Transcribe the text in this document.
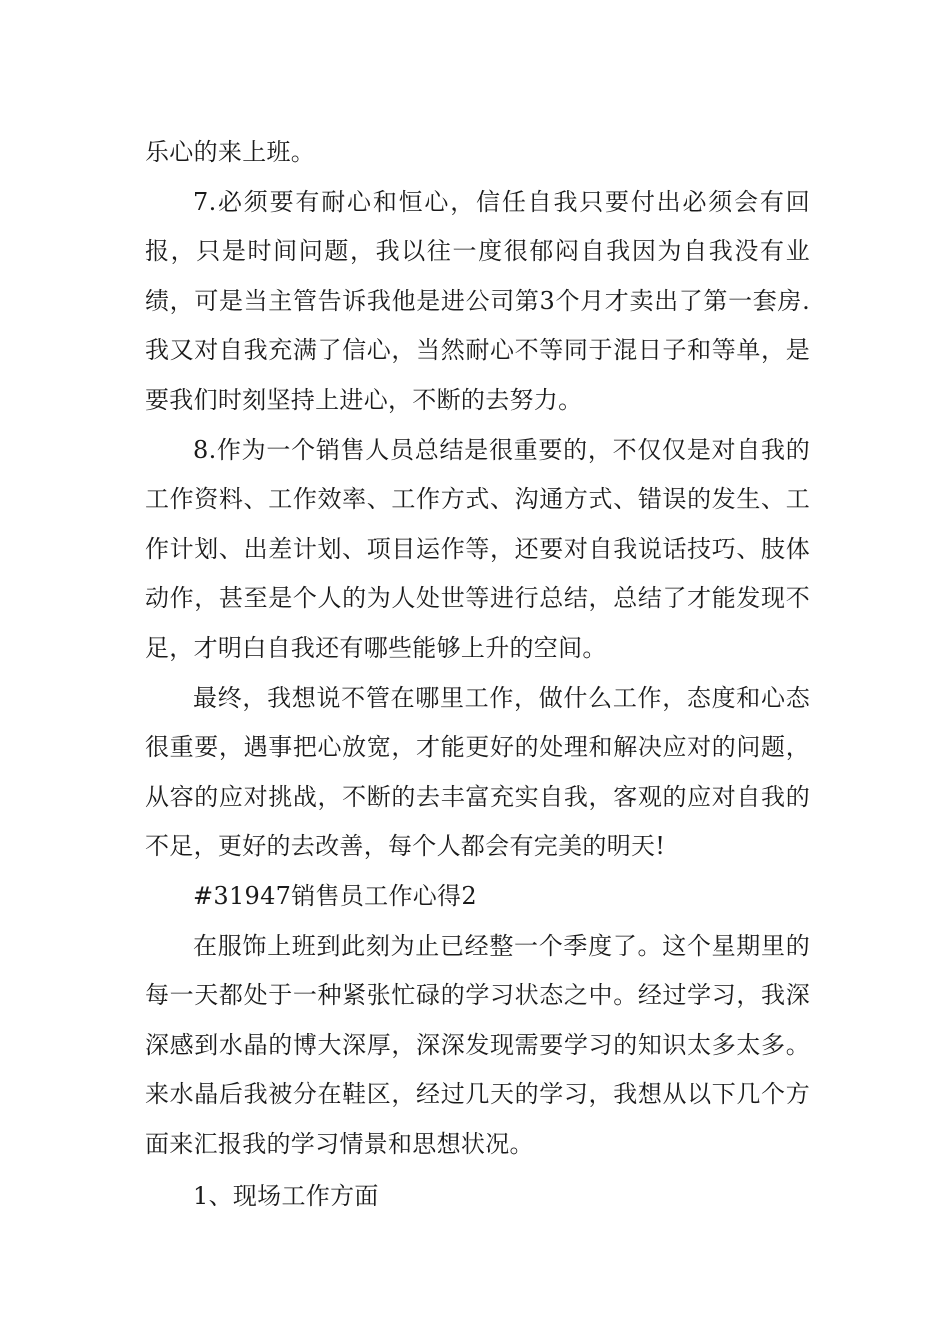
乐心的来上班。

7.必须要有耐心和恒心，信任自我只要付出必须会有回报，只是时间问题，我以往一度很郁闷自我因为自我没有业绩，可是当主管告诉我他是进公司第3个月才卖出了第一套房.我又对自我充满了信心，当然耐心不等同于混日子和等单，是要我们时刻坚持上进心，不断的去努力。

8.作为一个销售人员总结是很重要的，不仅仅是对自我的工作资料、工作效率、工作方式、沟通方式、错误的发生、工作计划、出差计划、项目运作等，还要对自我说话技巧、肢体动作，甚至是个人的为人处世等进行总结，总结了才能发现不足，才明白自我还有哪些能够上升的空间。

最终，我想说不管在哪里工作，做什么工作，态度和心态很重要，遇事把心放宽，才能更好的处理和解决应对的问题，从容的应对挑战，不断的去丰富充实自我，客观的应对自我的不足，更好的去改善，每个人都会有完美的明天!

#31947销售员工作心得2

在服饰上班到此刻为止已经整一个季度了。这个星期里的每一天都处于一种紧张忙碌的学习状态之中。经过学习，我深深感到水晶的博大深厚，深深发现需要学习的知识太多太多。来水晶后我被分在鞋区，经过几天的学习，我想从以下几个方面来汇报我的学习情景和思想状况。

1、现场工作方面
